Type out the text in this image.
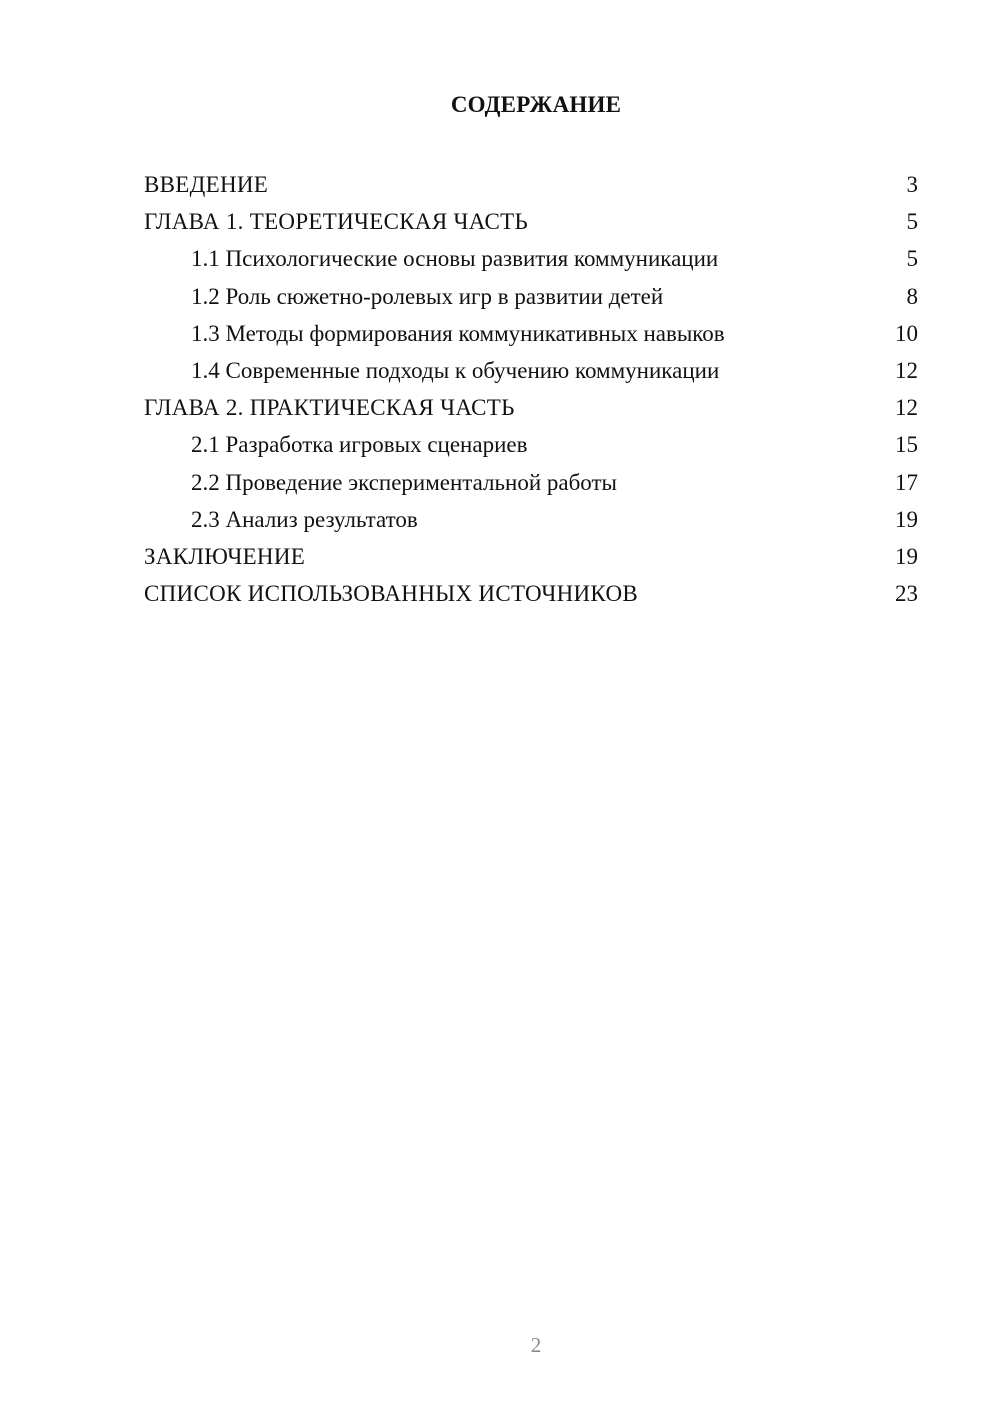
СОДЕРЖАНИЕ
ВВЕДЕНИЕ	3
ГЛАВА 1. ТЕОРЕТИЧЕСКАЯ ЧАСТЬ	5
1.1 Психологические основы развития коммуникации	5
1.2 Роль сюжетно-ролевых игр в развитии детей	8
1.3 Методы формирования коммуникативных навыков	10
1.4 Современные подходы к обучению коммуникации	12
ГЛАВА 2. ПРАКТИЧЕСКАЯ ЧАСТЬ	12
2.1 Разработка игровых сценариев	15
2.2 Проведение экспериментальной работы	17
2.3 Анализ результатов	19
ЗАКЛЮЧЕНИЕ	19
СПИСОК ИСПОЛЬЗОВАННЫХ ИСТОЧНИКОВ	23
2
